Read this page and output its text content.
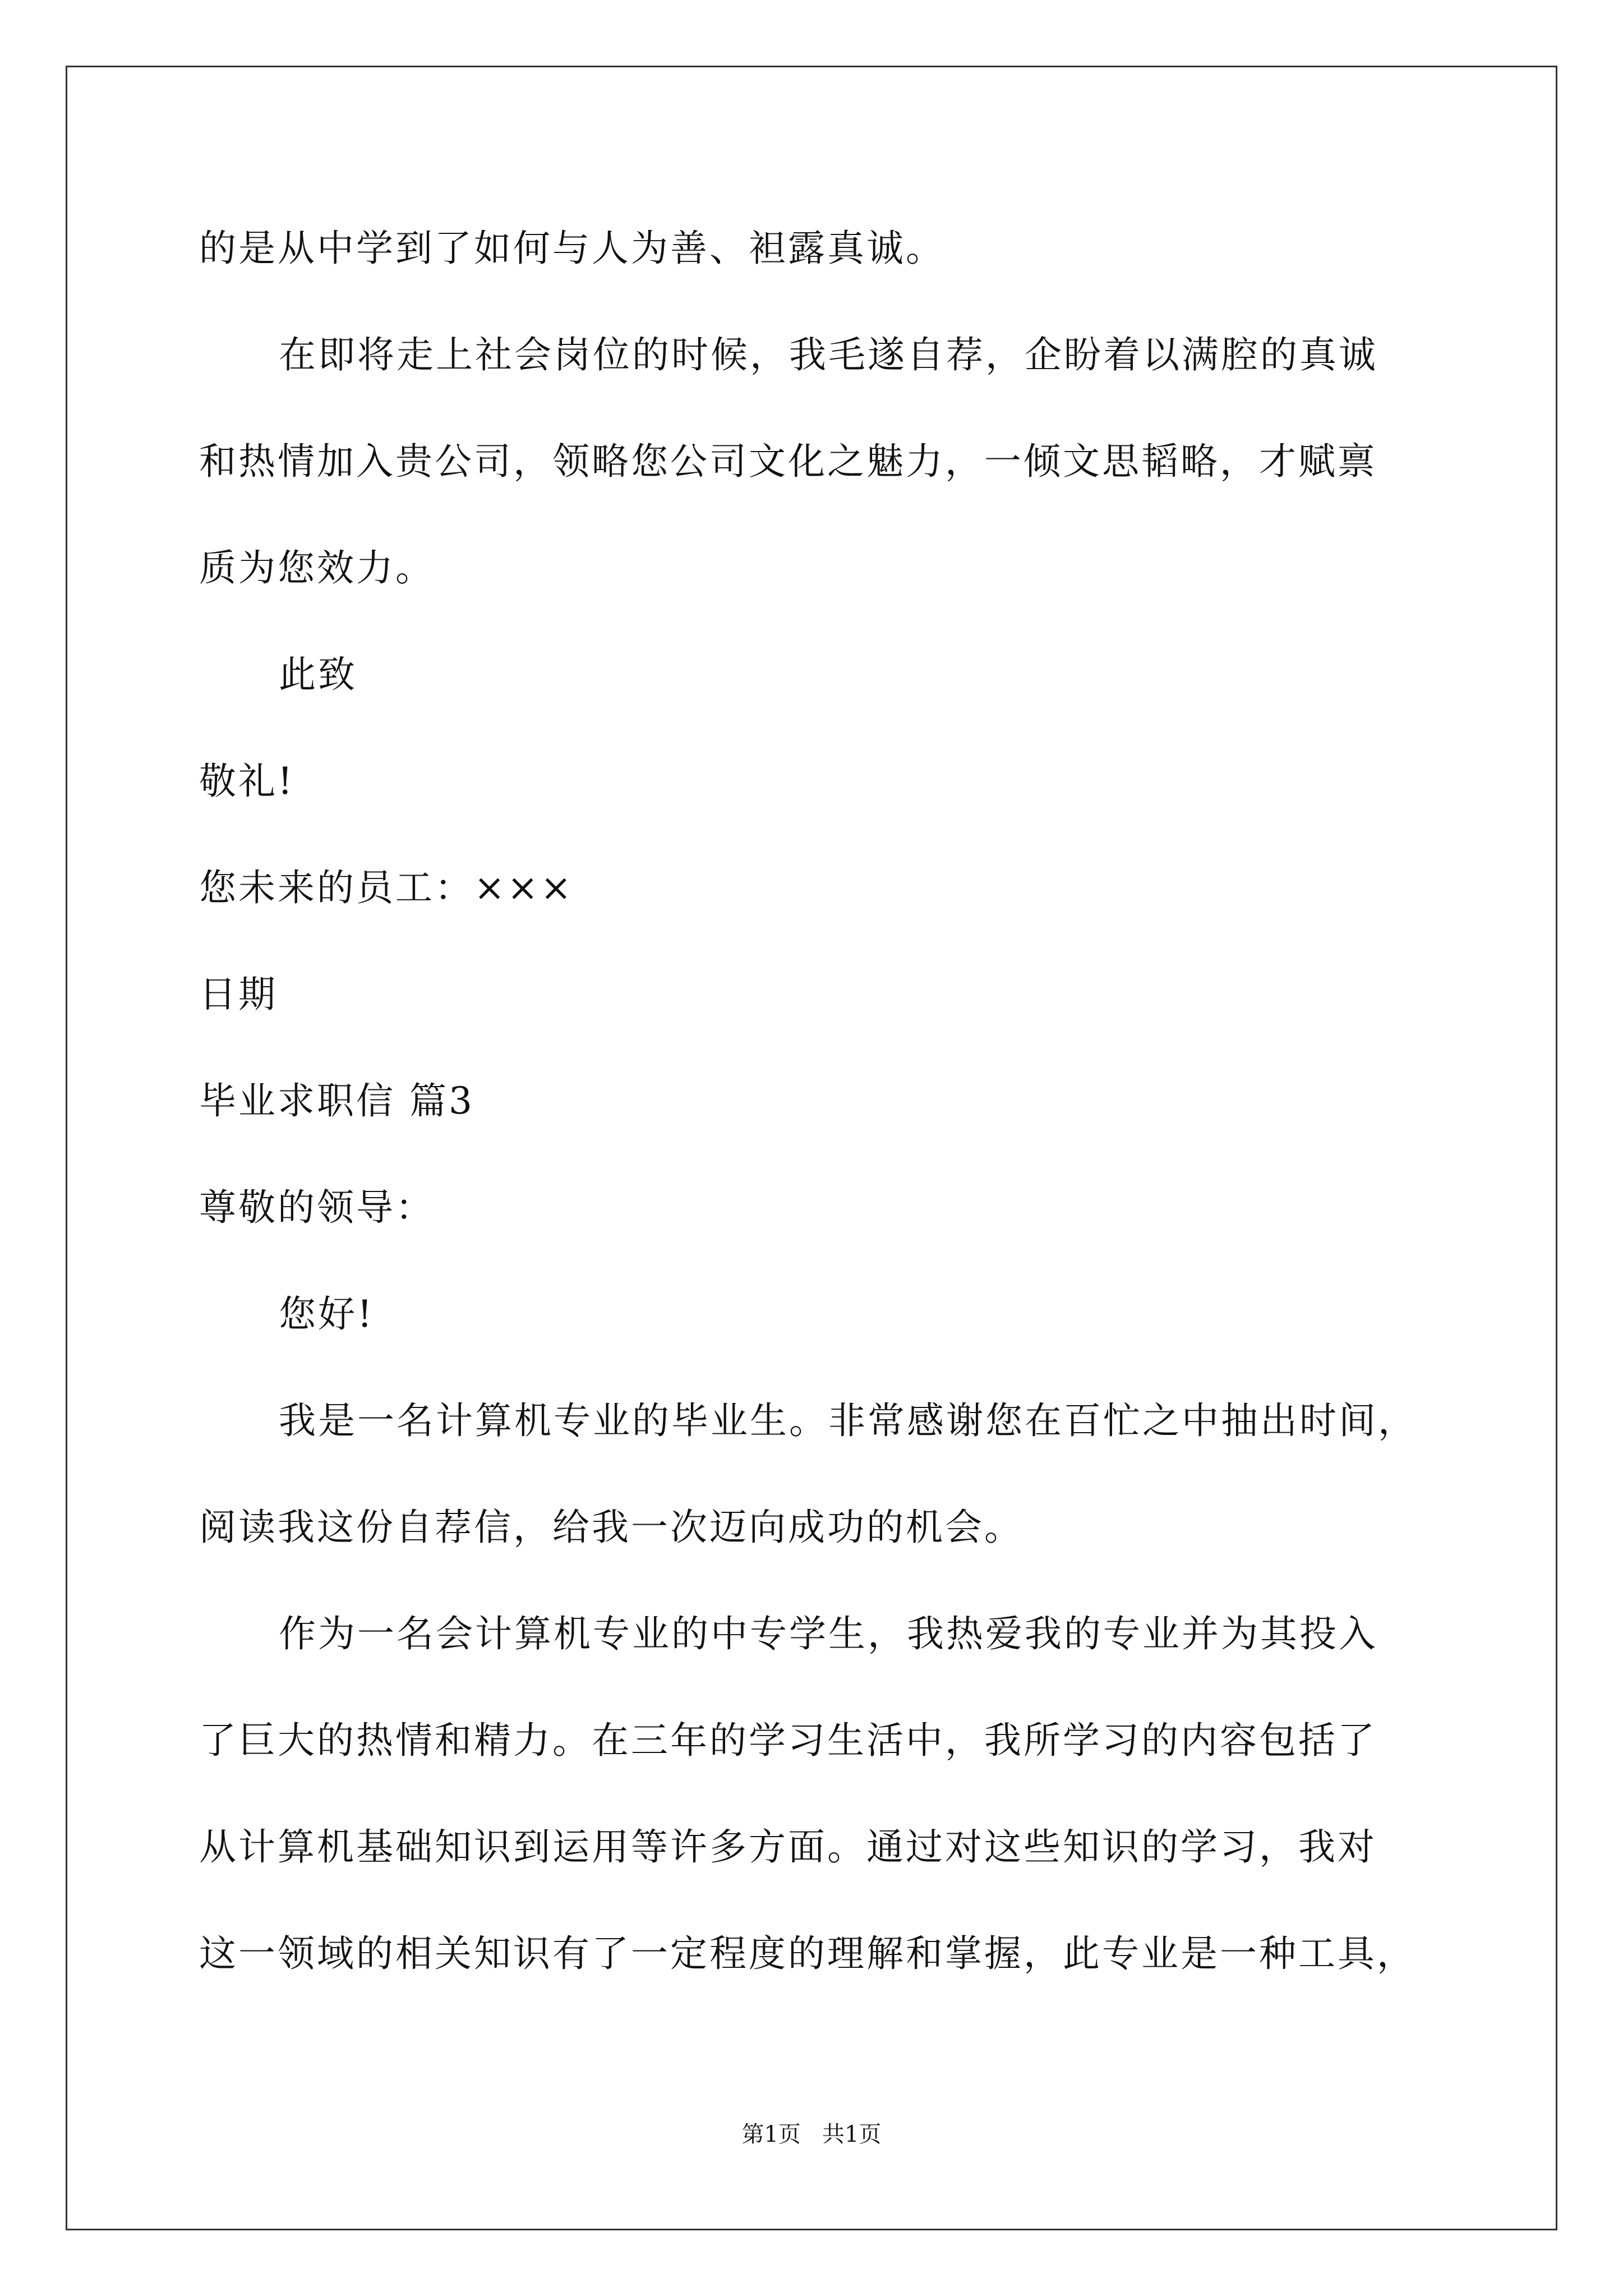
的是从中学到了如何与人为善、袒露真诚。
在即将走上社会岗位的时候，我毛遂自荐，企盼着以满腔的真诚
和热情加入贵公司，领略您公司文化之魅力，一倾文思韬略，才赋禀
质为您效力。
此致
敬礼!
您未来的员工：×××
日期
毕业求职信 篇3
尊敬的领导：
您好!
我是一名计算机专业的毕业生。非常感谢您在百忙之中抽出时间，
阅读我这份自荐信，给我一次迈向成功的机会。
作为一名会计算机专业的中专学生，我热爱我的专业并为其投入
了巨大的热情和精力。在三年的学习生活中，我所学习的内容包括了
从计算机基础知识到运用等许多方面。通过对这些知识的学习，我对
这一领域的相关知识有了一定程度的理解和掌握，此专业是一种工具，
第1页   共1页
